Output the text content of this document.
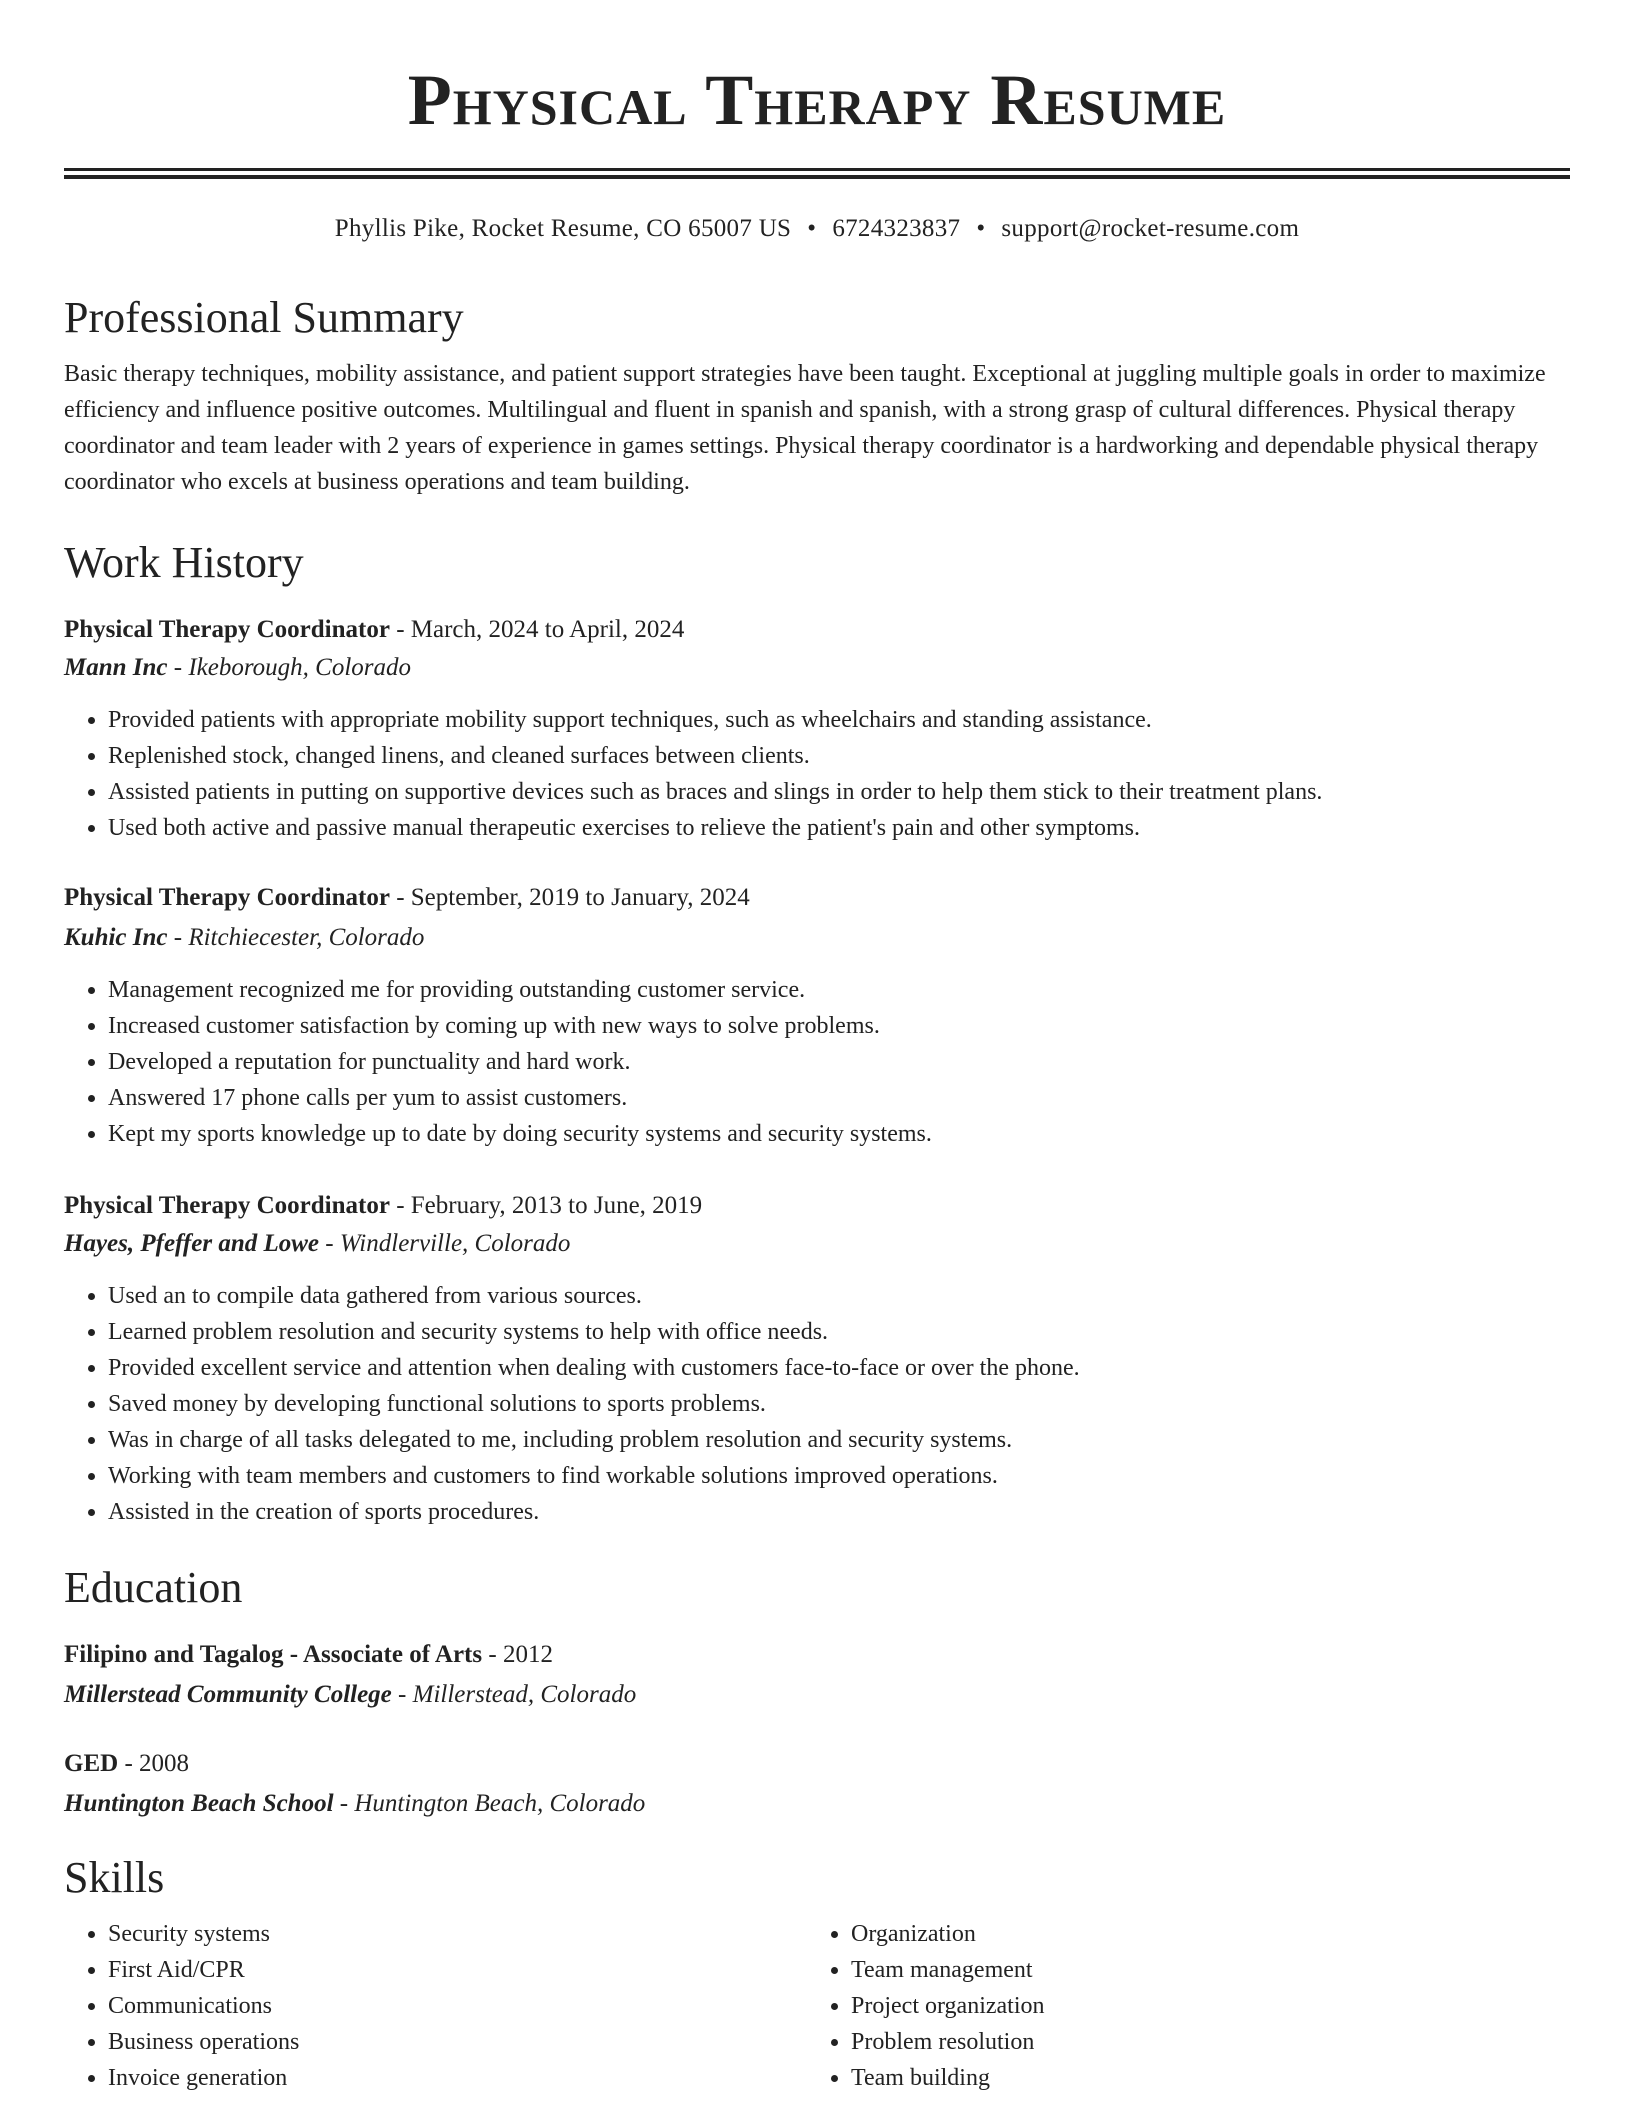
Physical Therapy Resume
Phyllis Pike, Rocket Resume, CO 65007 US • 6724323837 • support@rocket-resume.com
Professional Summary

Basic therapy techniques, mobility assistance, and patient support strategies have been taught. Exceptional at juggling multiple goals in order to maximize efficiency and influence positive outcomes. Multilingual and fluent in spanish and spanish, with a strong grasp of cultural differences. Physical therapy coordinator and team leader with 2 years of experience in games settings. Physical therapy coordinator is a hardworking and dependable physical therapy coordinator who excels at business operations and team building.

Work History

Physical Therapy Coordinator - March, 2024 to April, 2024

Mann Inc - Ikeborough, Colorado

• Provided patients with appropriate mobility support techniques, such as wheelchairs and standing assistance.
• Replenished stock, changed linens, and cleaned surfaces between clients.
• Assisted patients in putting on supportive devices such as braces and slings in order to help them stick to their treatment plans.
• Used both active and passive manual therapeutic exercises to relieve the patient's pain and other symptoms.

Physical Therapy Coordinator - September, 2019 to January, 2024

Kuhic Inc - Ritchiecester, Colorado

• Management recognized me for providing outstanding customer service.
• Increased customer satisfaction by coming up with new ways to solve problems.
• Developed a reputation for punctuality and hard work.
• Answered 17 phone calls per yum to assist customers.
• Kept my sports knowledge up to date by doing security systems and security systems.

Physical Therapy Coordinator - February, 2013 to June, 2019

Hayes, Pfeffer and Lowe - Windlerville, Colorado

• Used an to compile data gathered from various sources.
• Learned problem resolution and security systems to help with office needs.
• Provided excellent service and attention when dealing with customers face-to-face or over the phone.
• Saved money by developing functional solutions to sports problems.
• Was in charge of all tasks delegated to me, including problem resolution and security systems.
• Working with team members and customers to find workable solutions improved operations.
• Assisted in the creation of sports procedures.
Education

Filipino and Tagalog - Associate of Arts - 2012

Millerstead Community College - Millerstead, Colorado

GED - 2008

Huntington Beach School - Huntington Beach, Colorado

Skills
• Security systems
• First Aid/CPR
• Communications
• Business operations
• Invoice generation
• Organization
• Team management
• Project organization
• Problem resolution
• Team building
